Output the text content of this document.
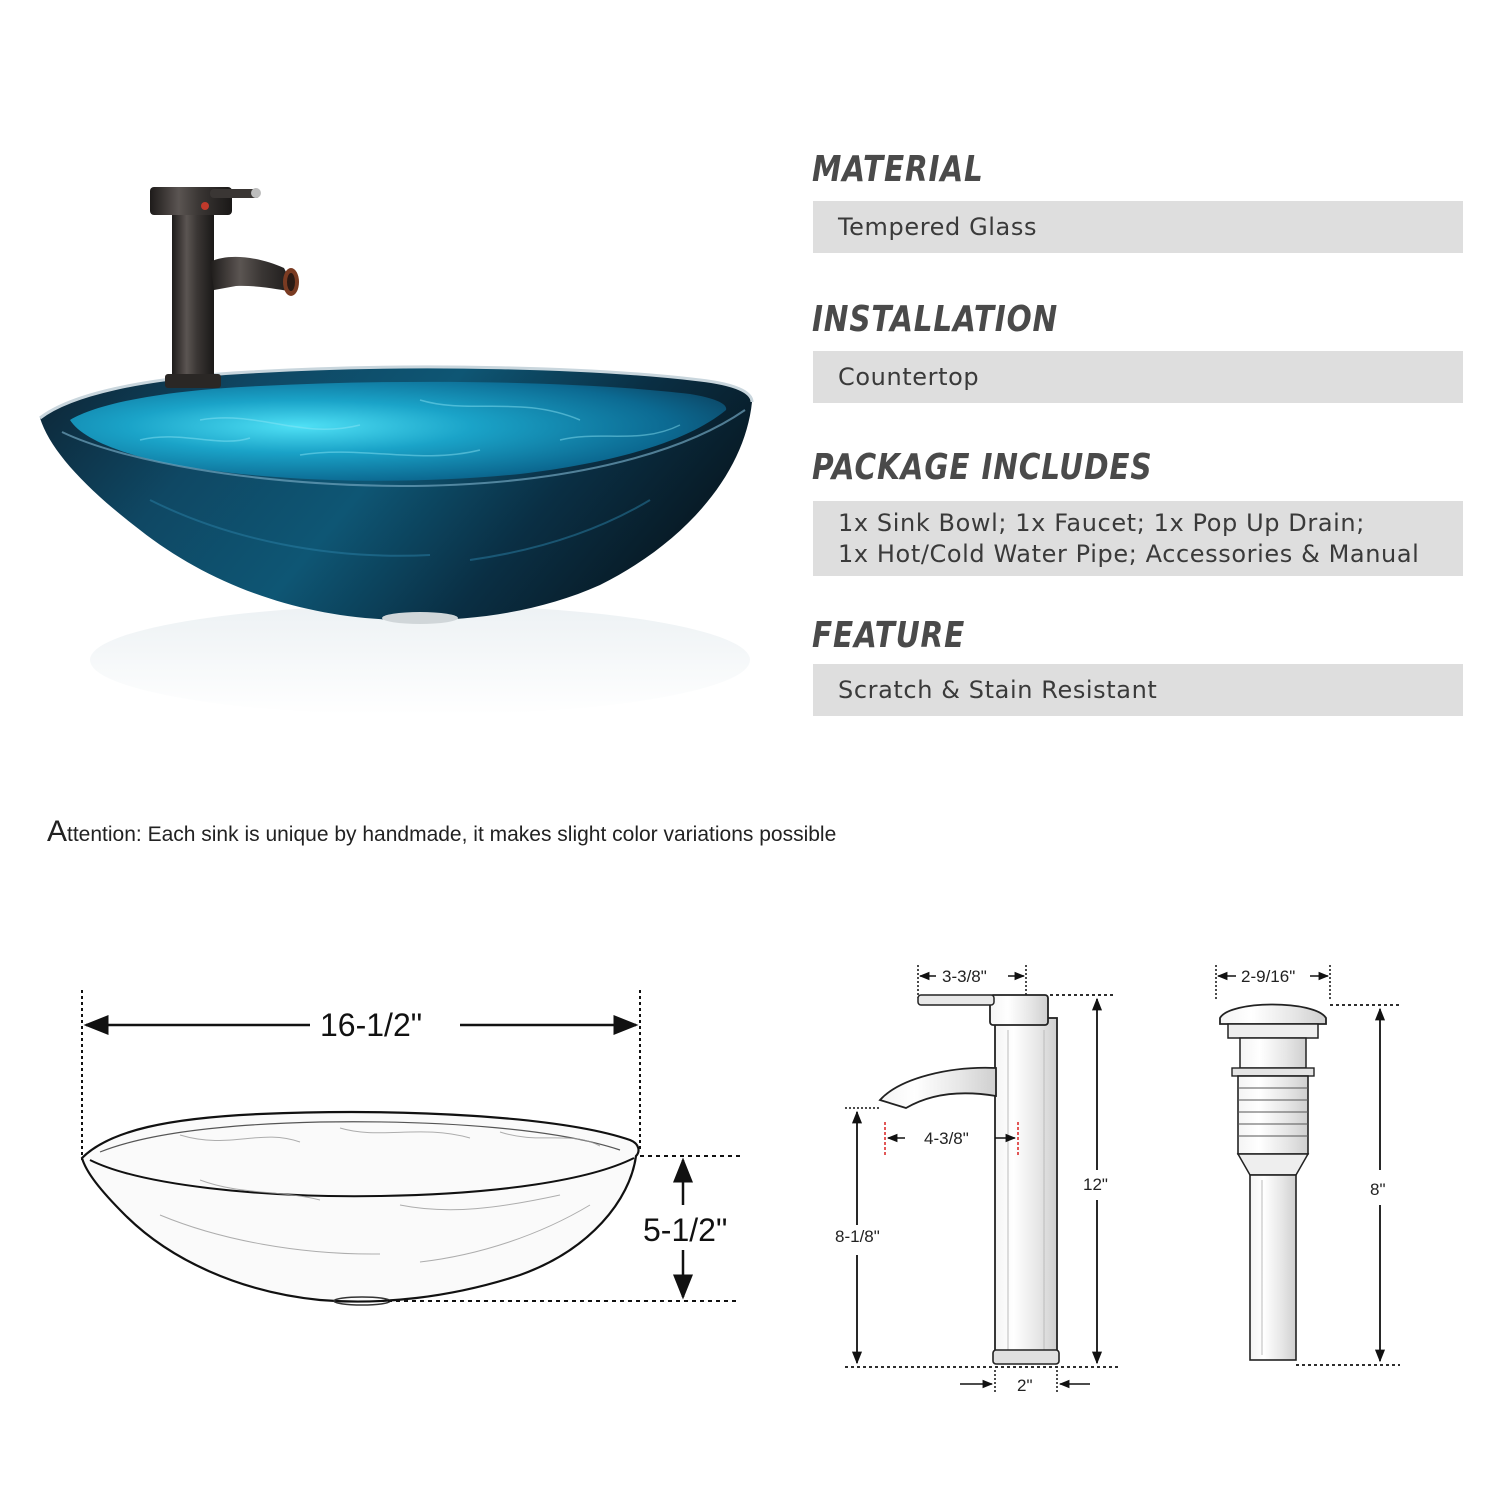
MATERIAL
Tempered Glass
INSTALLATION
Countertop
PACKAGE INCLUDES
1x Sink Bowl; 1x Faucet; 1x Pop Up Drain;
1x Hot/Cold Water Pipe; Accessories & Manual
FEATURE
Scratch & Stain Resistant
Attention: Each sink is unique by handmade, it makes slight color variations possible
16-1/2"
5-1/2"
3-3/8"
4-3/8"
12"
8-1/8"
2"
2-9/16"
8"
